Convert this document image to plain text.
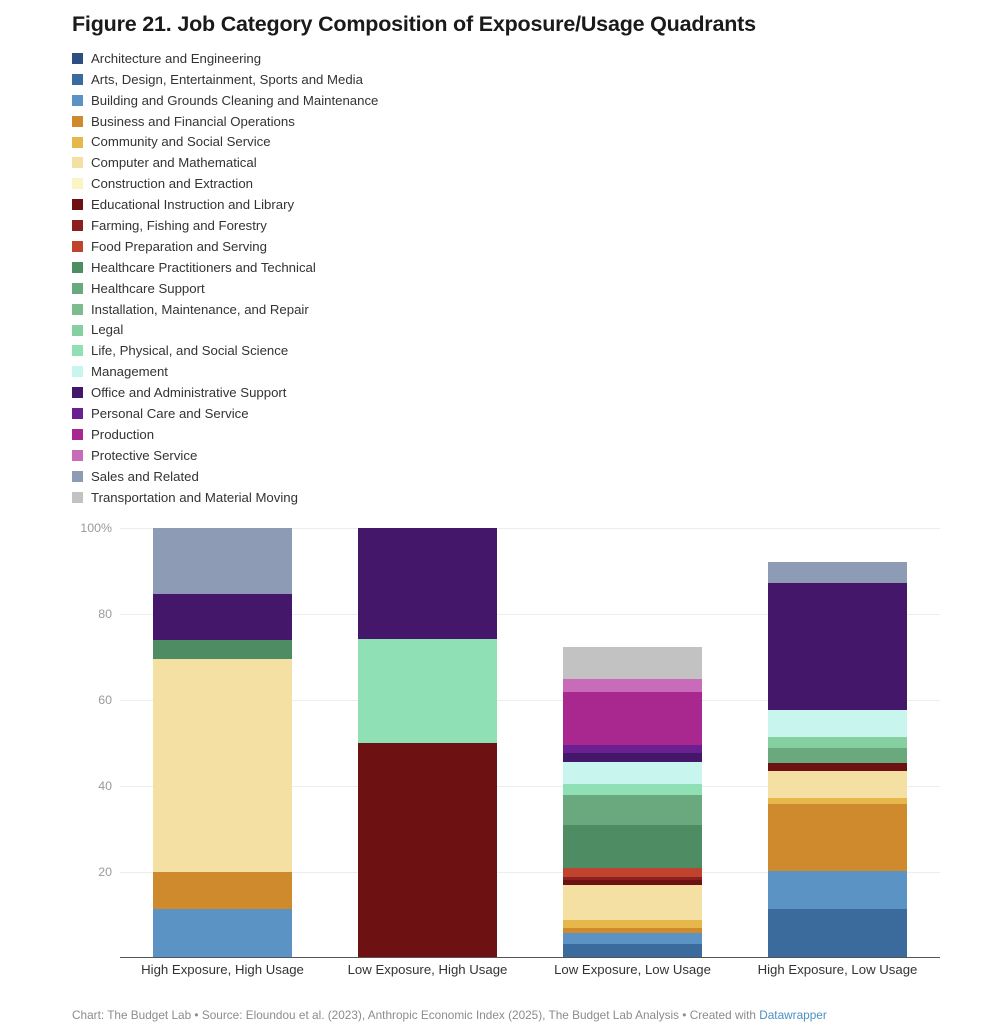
Figure 21. Job Category Composition of Exposure/Usage Quadrants
Architecture and Engineering
Arts, Design, Entertainment, Sports and Media
Building and Grounds Cleaning and Maintenance
Business and Financial Operations
Community and Social Service
Computer and Mathematical
Construction and Extraction
Educational Instruction and Library
Farming, Fishing and Forestry
Food Preparation and Serving
Healthcare Practitioners and Technical
Healthcare Support
Installation, Maintenance, and Repair
Legal
Life, Physical, and Social Science
Management
Office and Administrative Support
Personal Care and Service
Production
Protective Service
Sales and Related
Transportation and Material Moving
100%
80
60
40
20
High Exposure, High Usage	Low Exposure, High Usage	Low Exposure, Low Usage	High Exposure, Low Usage
Chart: The Budget Lab • Source: Eloundou et al. (2023), Anthropic Economic Index (2025), The Budget Lab Analysis • Created with Datawrapper
